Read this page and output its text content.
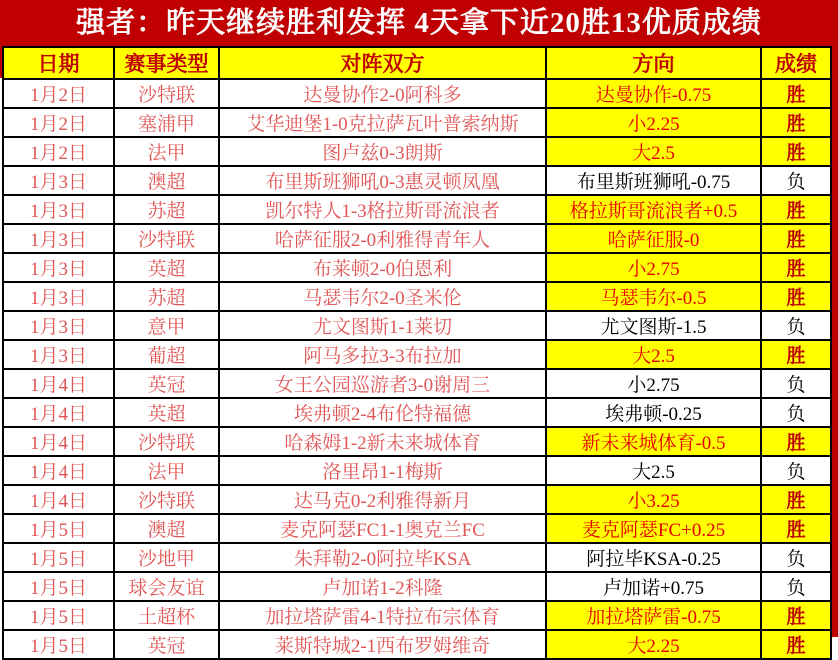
强者：昨天继续胜利发挥 4天拿下近20胜13优质成绩
日期	赛事类型	对阵双方	方向	成绩
1月2日	沙特联	达曼协作2-0阿科多	达曼协作-0.75	胜
1月2日	塞浦甲	艾华迪堡1-0克拉萨瓦叶普索纳斯	小2.25	胜
1月2日	法甲	图卢兹0-3朗斯	大2.5	胜
1月3日	澳超	布里斯班狮吼0-3惠灵顿凤凰	布里斯班狮吼-0.75	负
1月3日	苏超	凯尔特人1-3格拉斯哥流浪者	格拉斯哥流浪者+0.5	胜
1月3日	沙特联	哈萨征服2-0利雅得青年人	哈萨征服-0	胜
1月3日	英超	布莱顿2-0伯恩利	小2.75	胜
1月3日	苏超	马瑟韦尔2-0圣米伦	马瑟韦尔-0.5	胜
1月3日	意甲	尤文图斯1-1莱切	尤文图斯-1.5	负
1月3日	葡超	阿马多拉3-3布拉加	大2.5	胜
1月4日	英冠	女王公园巡游者3-0谢周三	小2.75	负
1月4日	英超	埃弗顿2-4布伦特福德	埃弗顿-0.25	负
1月4日	沙特联	哈森姆1-2新未来城体育	新未来城体育-0.5	胜
1月4日	法甲	洛里昂1-1梅斯	大2.5	负
1月4日	沙特联	达马克0-2利雅得新月	小3.25	胜
1月5日	澳超	麦克阿瑟FC1-1奥克兰FC	麦克阿瑟FC+0.25	胜
1月5日	沙地甲	朱拜勒2-0阿拉毕KSA	阿拉毕KSA-0.25	负
1月5日	球会友谊	卢加诺1-2科隆	卢加诺+0.75	负
1月5日	土超杯	加拉塔萨雷4-1特拉布宗体育	加拉塔萨雷-0.75	胜
1月5日	英冠	莱斯特城2-1西布罗姆维奇	大2.25	胜
